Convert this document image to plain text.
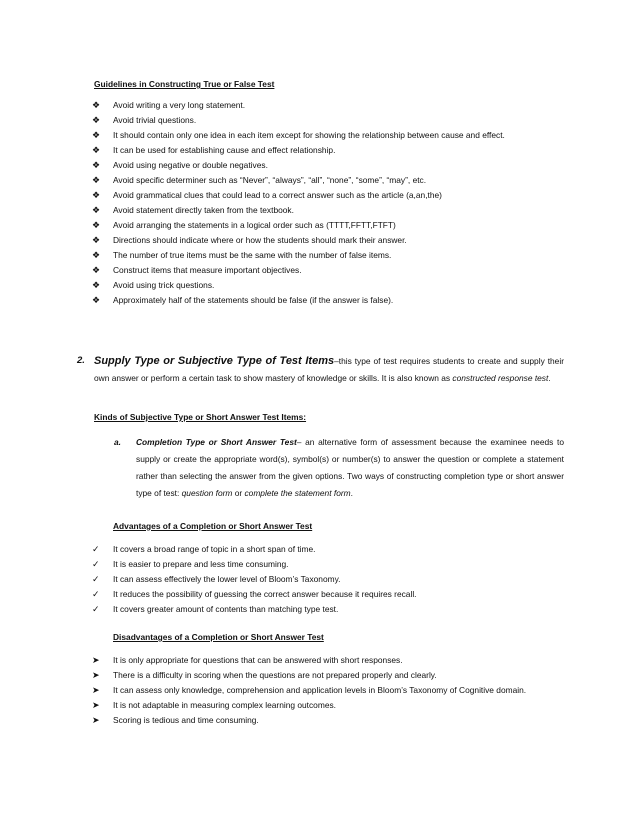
Guidelines in Constructing True or False Test
❖ Avoid writing a very long statement.
❖ Avoid trivial questions.
❖ It should contain only one idea in each item except for showing the relationship between cause and effect.
❖ It can be used for establishing cause and effect relationship.
❖ Avoid using negative or double negatives.
❖ Avoid specific determiner such as “Never”, “always”, “all”, “none”, “some”, “may”, etc.
❖ Avoid grammatical clues that could lead to a correct answer such as the article (a,an,the)
❖ Avoid statement directly taken from the textbook.
❖ Avoid arranging the statements in a logical order such as (TTTT,FFTT,FTFT)
❖ Directions should indicate where or how the students should mark their answer.
❖ The number of true items must be the same with the number of false items.
❖ Construct items that measure important objectives.
❖ Avoid using trick questions.
❖ Approximately half of the statements should be false (if the answer is false).
2. Supply Type or Subjective Type of Test Items–this type of test requires students to create and supply their own answer or perform a certain task to show mastery of knowledge or skills. It is also known as constructed response test.
Kinds of Subjective Type or Short Answer Test Items:
a. Completion Type or Short Answer Test– an alternative form of assessment because the examinee needs to supply or create the appropriate word(s), symbol(s) or number(s) to answer the question or complete a statement rather than selecting the answer from the given options. Two ways of constructing completion type or short answer type of test: question form or complete the statement form.
Advantages of a Completion or Short Answer Test
✓ It covers a broad range of topic in a short span of time.
✓ It is easier to prepare and less time consuming.
✓ It can assess effectively the lower level of Bloom’s Taxonomy.
✓ It reduces the possibility of guessing the correct answer because it requires recall.
✓ It covers greater amount of contents than matching type test.
Disadvantages of a Completion or Short Answer Test
➤ It is only appropriate for questions that can be answered with short responses.
➤ There is a difficulty in scoring when the questions are not prepared properly and clearly.
➤ It can assess only knowledge, comprehension and application levels in Bloom’s Taxonomy of Cognitive domain.
➤ It is not adaptable in measuring complex learning outcomes.
➤ Scoring is tedious and time consuming.
